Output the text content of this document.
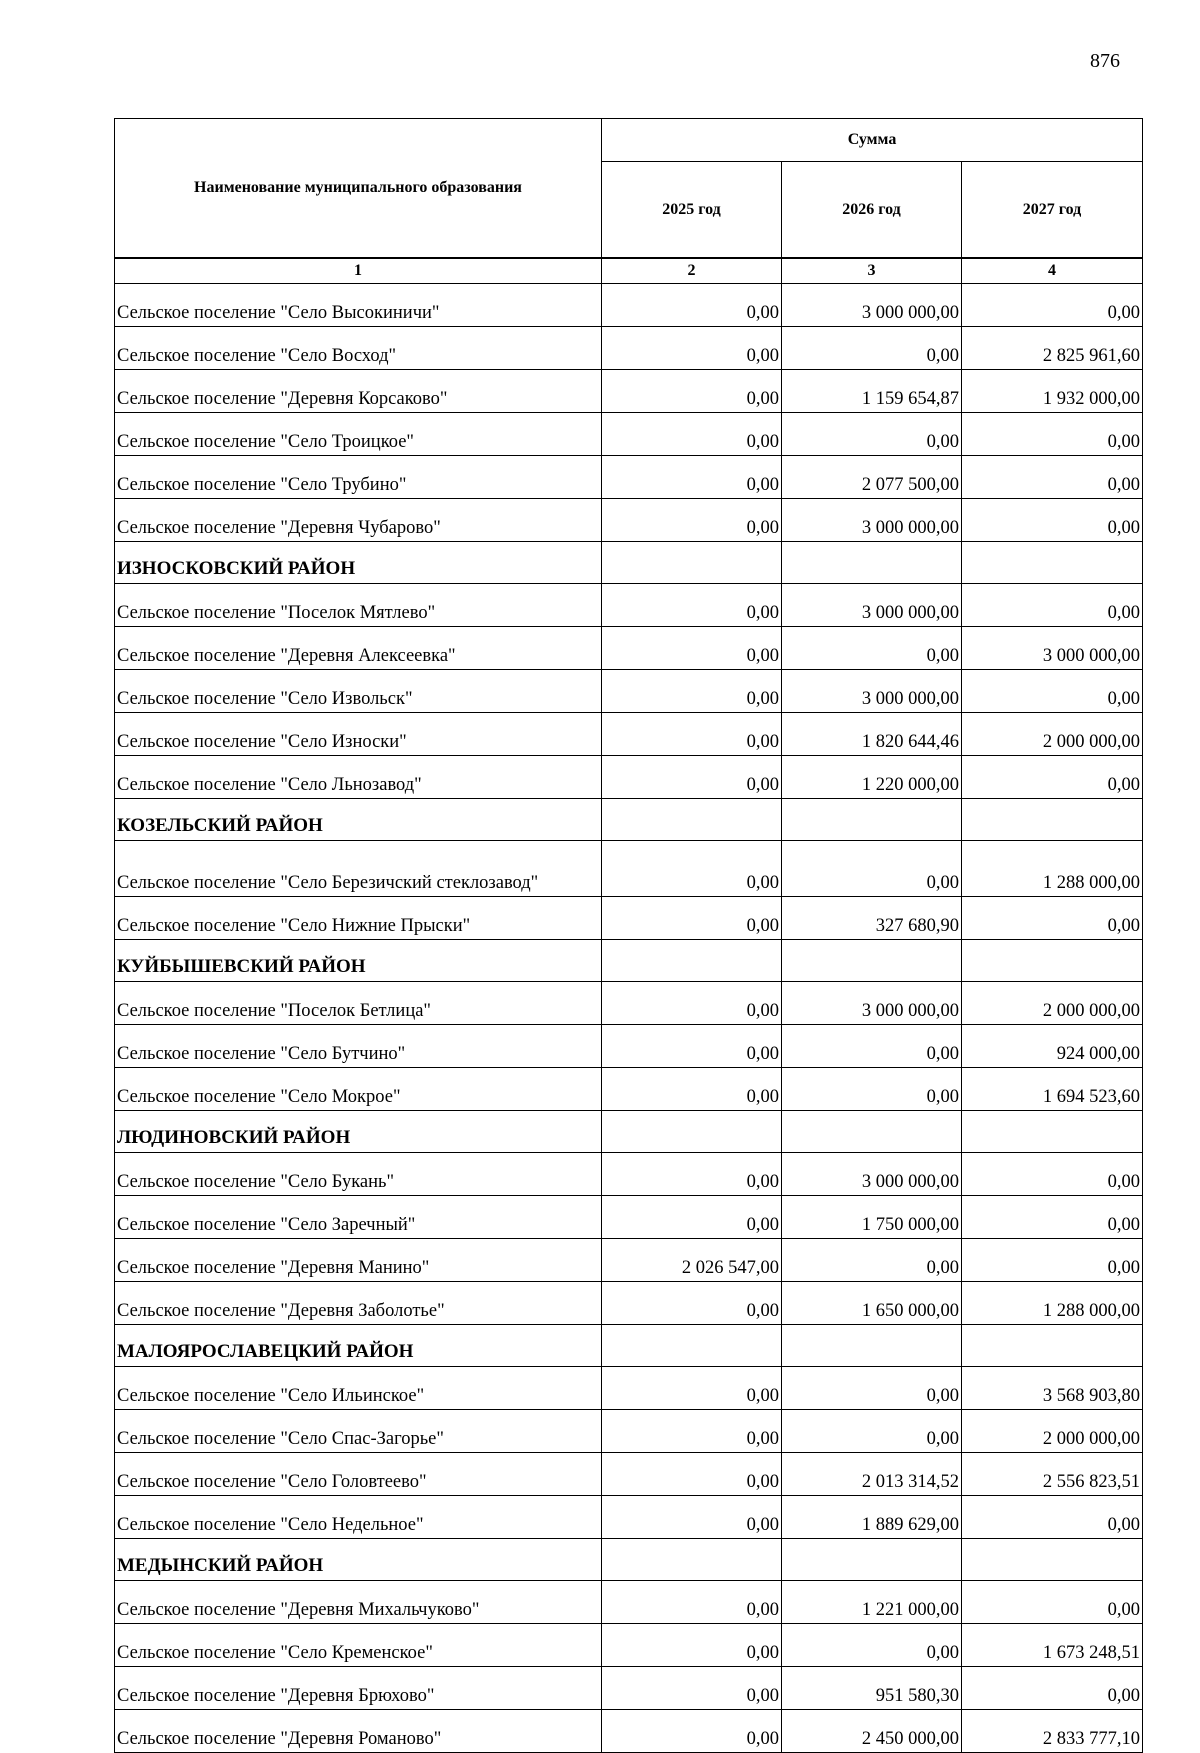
876
Наименование муниципального образования	Сумма		
	2025 год	2026 год	2027 год
1	2	3	4
Сельское поселение "Село Высокиничи"	0,00	3 000 000,00	0,00
Сельское поселение "Село Восход"	0,00	0,00	2 825 961,60
Сельское поселение "Деревня Корсаково"	0,00	1 159 654,87	1 932 000,00
Сельское поселение "Село Троицкое"	0,00	0,00	0,00
Сельское поселение "Село Трубино"	0,00	2 077 500,00	0,00
Сельское поселение "Деревня Чубарово"	0,00	3 000 000,00	0,00
ИЗНОСКОВСКИЙ РАЙОН			
Сельское поселение "Поселок Мятлево"	0,00	3 000 000,00	0,00
Сельское поселение "Деревня Алексеевка"	0,00	0,00	3 000 000,00
Сельское поселение "Село Извольск"	0,00	3 000 000,00	0,00
Сельское поселение "Село Износки"	0,00	1 820 644,46	2 000 000,00
Сельское поселение "Село Льнозавод"	0,00	1 220 000,00	0,00
КОЗЕЛЬСКИЙ РАЙОН			
Сельское поселение "Село Березичский стеклозавод"	0,00	0,00	1 288 000,00
Сельское поселение "Село Нижние Прыски"	0,00	327 680,90	0,00
КУЙБЫШЕВСКИЙ РАЙОН			
Сельское поселение "Поселок Бетлица"	0,00	3 000 000,00	2 000 000,00
Сельское поселение "Село Бутчино"	0,00	0,00	924 000,00
Сельское поселение "Село Мокрое"	0,00	0,00	1 694 523,60
ЛЮДИНОВСКИЙ РАЙОН			
Сельское поселение "Село Букань"	0,00	3 000 000,00	0,00
Сельское поселение "Село Заречный"	0,00	1 750 000,00	0,00
Сельское поселение "Деревня Манино"	2 026 547,00	0,00	0,00
Сельское поселение "Деревня Заболотье"	0,00	1 650 000,00	1 288 000,00
МАЛОЯРОСЛАВЕЦКИЙ РАЙОН			
Сельское поселение "Село Ильинское"	0,00	0,00	3 568 903,80
Сельское поселение "Село Спас-Загорье"	0,00	0,00	2 000 000,00
Сельское поселение "Село Головтеево"	0,00	2 013 314,52	2 556 823,51
Сельское поселение "Село Недельное"	0,00	1 889 629,00	0,00
МЕДЫНСКИЙ РАЙОН			
Сельское поселение "Деревня Михальчуково"	0,00	1 221 000,00	0,00
Сельское поселение "Село Кременское"	0,00	0,00	1 673 248,51
Сельское поселение "Деревня Брюхово"	0,00	951 580,30	0,00
Сельское поселение "Деревня Романово"	0,00	2 450 000,00	2 833 777,10
